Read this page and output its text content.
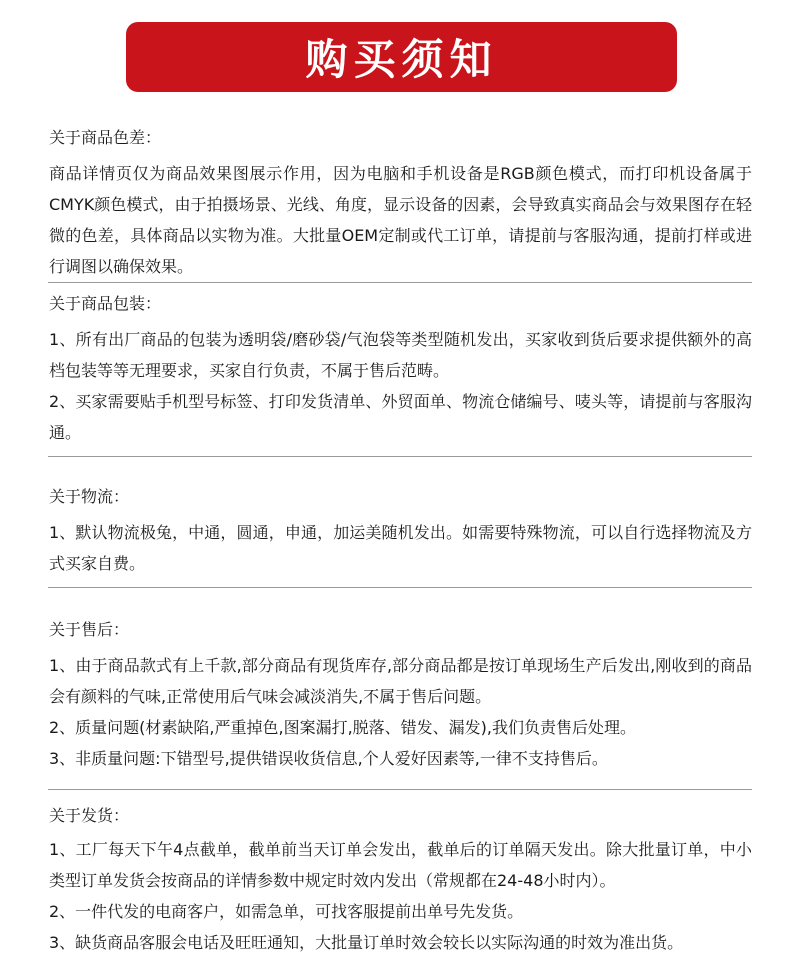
购买须知
关于商品色差：

商品详情页仅为商品效果图展示作用，因为电脑和手机设备是RGB颜色模式，而打印机设备属于CMYK颜色模式，由于拍摄场景、光线、角度，显示设备的因素，会导致真实商品会与效果图存在轻微的色差，具体商品以实物为准。大批量OEM定制或代工订单，请提前与客服沟通，提前打样或进行调图以确保效果。

关于商品包装：

1、所有出厂商品的包装为透明袋/磨砂袋/气泡袋等类型随机发出，买家收到货后要求提供额外的高档包装等等无理要求，买家自行负责，不属于售后范畴。

2、买家需要贴手机型号标签、打印发货清单、外贸面单、物流仓储编号、唛头等，请提前与客服沟通。

关于物流：

1、默认物流极兔，中通，圆通，申通，加运美随机发出。如需要特殊物流，可以自行选择物流及方式买家自费。

关于售后：

1、由于商品款式有上千款,部分商品有现货库存,部分商品都是按订单现场生产后发出,刚收到的商品会有颜料的气味,正常使用后气味会减淡消失,不属于售后问题。

2、质量问题(材素缺陷,严重掉色,图案漏打,脱落、错发、漏发),我们负责售后处理。

3、非质量问题:下错型号,提供错误收货信息,个人爱好因素等,一律不支持售后。

关于发货：

1、工厂每天下午4点截单，截单前当天订单会发出，截单后的订单隔天发出。除大批量订单，中小类型订单发货会按商品的详情参数中规定时效内发出（常规都在24-48小时内）。

2、一件代发的电商客户，如需急单，可找客服提前出单号先发货。

3、缺货商品客服会电话及旺旺通知，大批量订单时效会较长以实际沟通的时效为准出货。
